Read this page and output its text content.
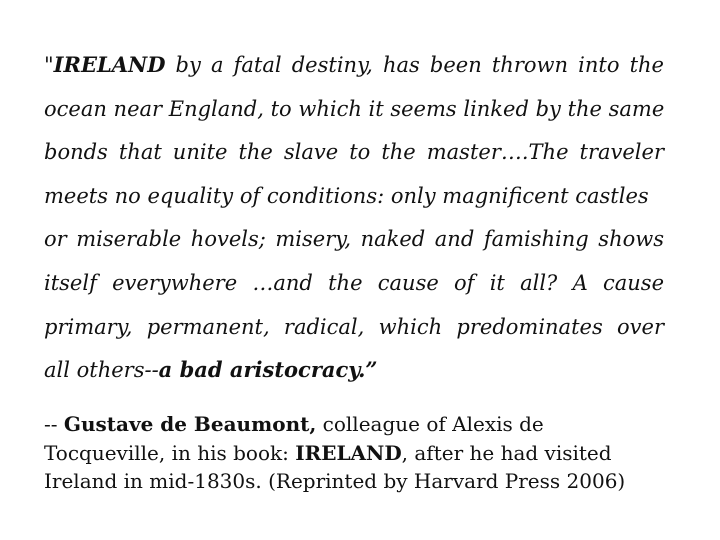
"IRELAND by a fatal destiny, has been thrown into the
ocean near England, to which it seems linked by the same
bonds that unite the slave to the master….The traveler
meets no equality of conditions: only magnificent castles
or miserable hovels; misery, naked and famishing shows
itself everywhere …and the cause of it all? A cause
primary, permanent, radical, which predominates over
all others--a bad aristocracy.”
-- Gustave de Beaumont, colleague of Alexis de
Tocqueville, in his book: IRELAND, after he had visited
Ireland in mid-1830s. (Reprinted by Harvard Press 2006)
